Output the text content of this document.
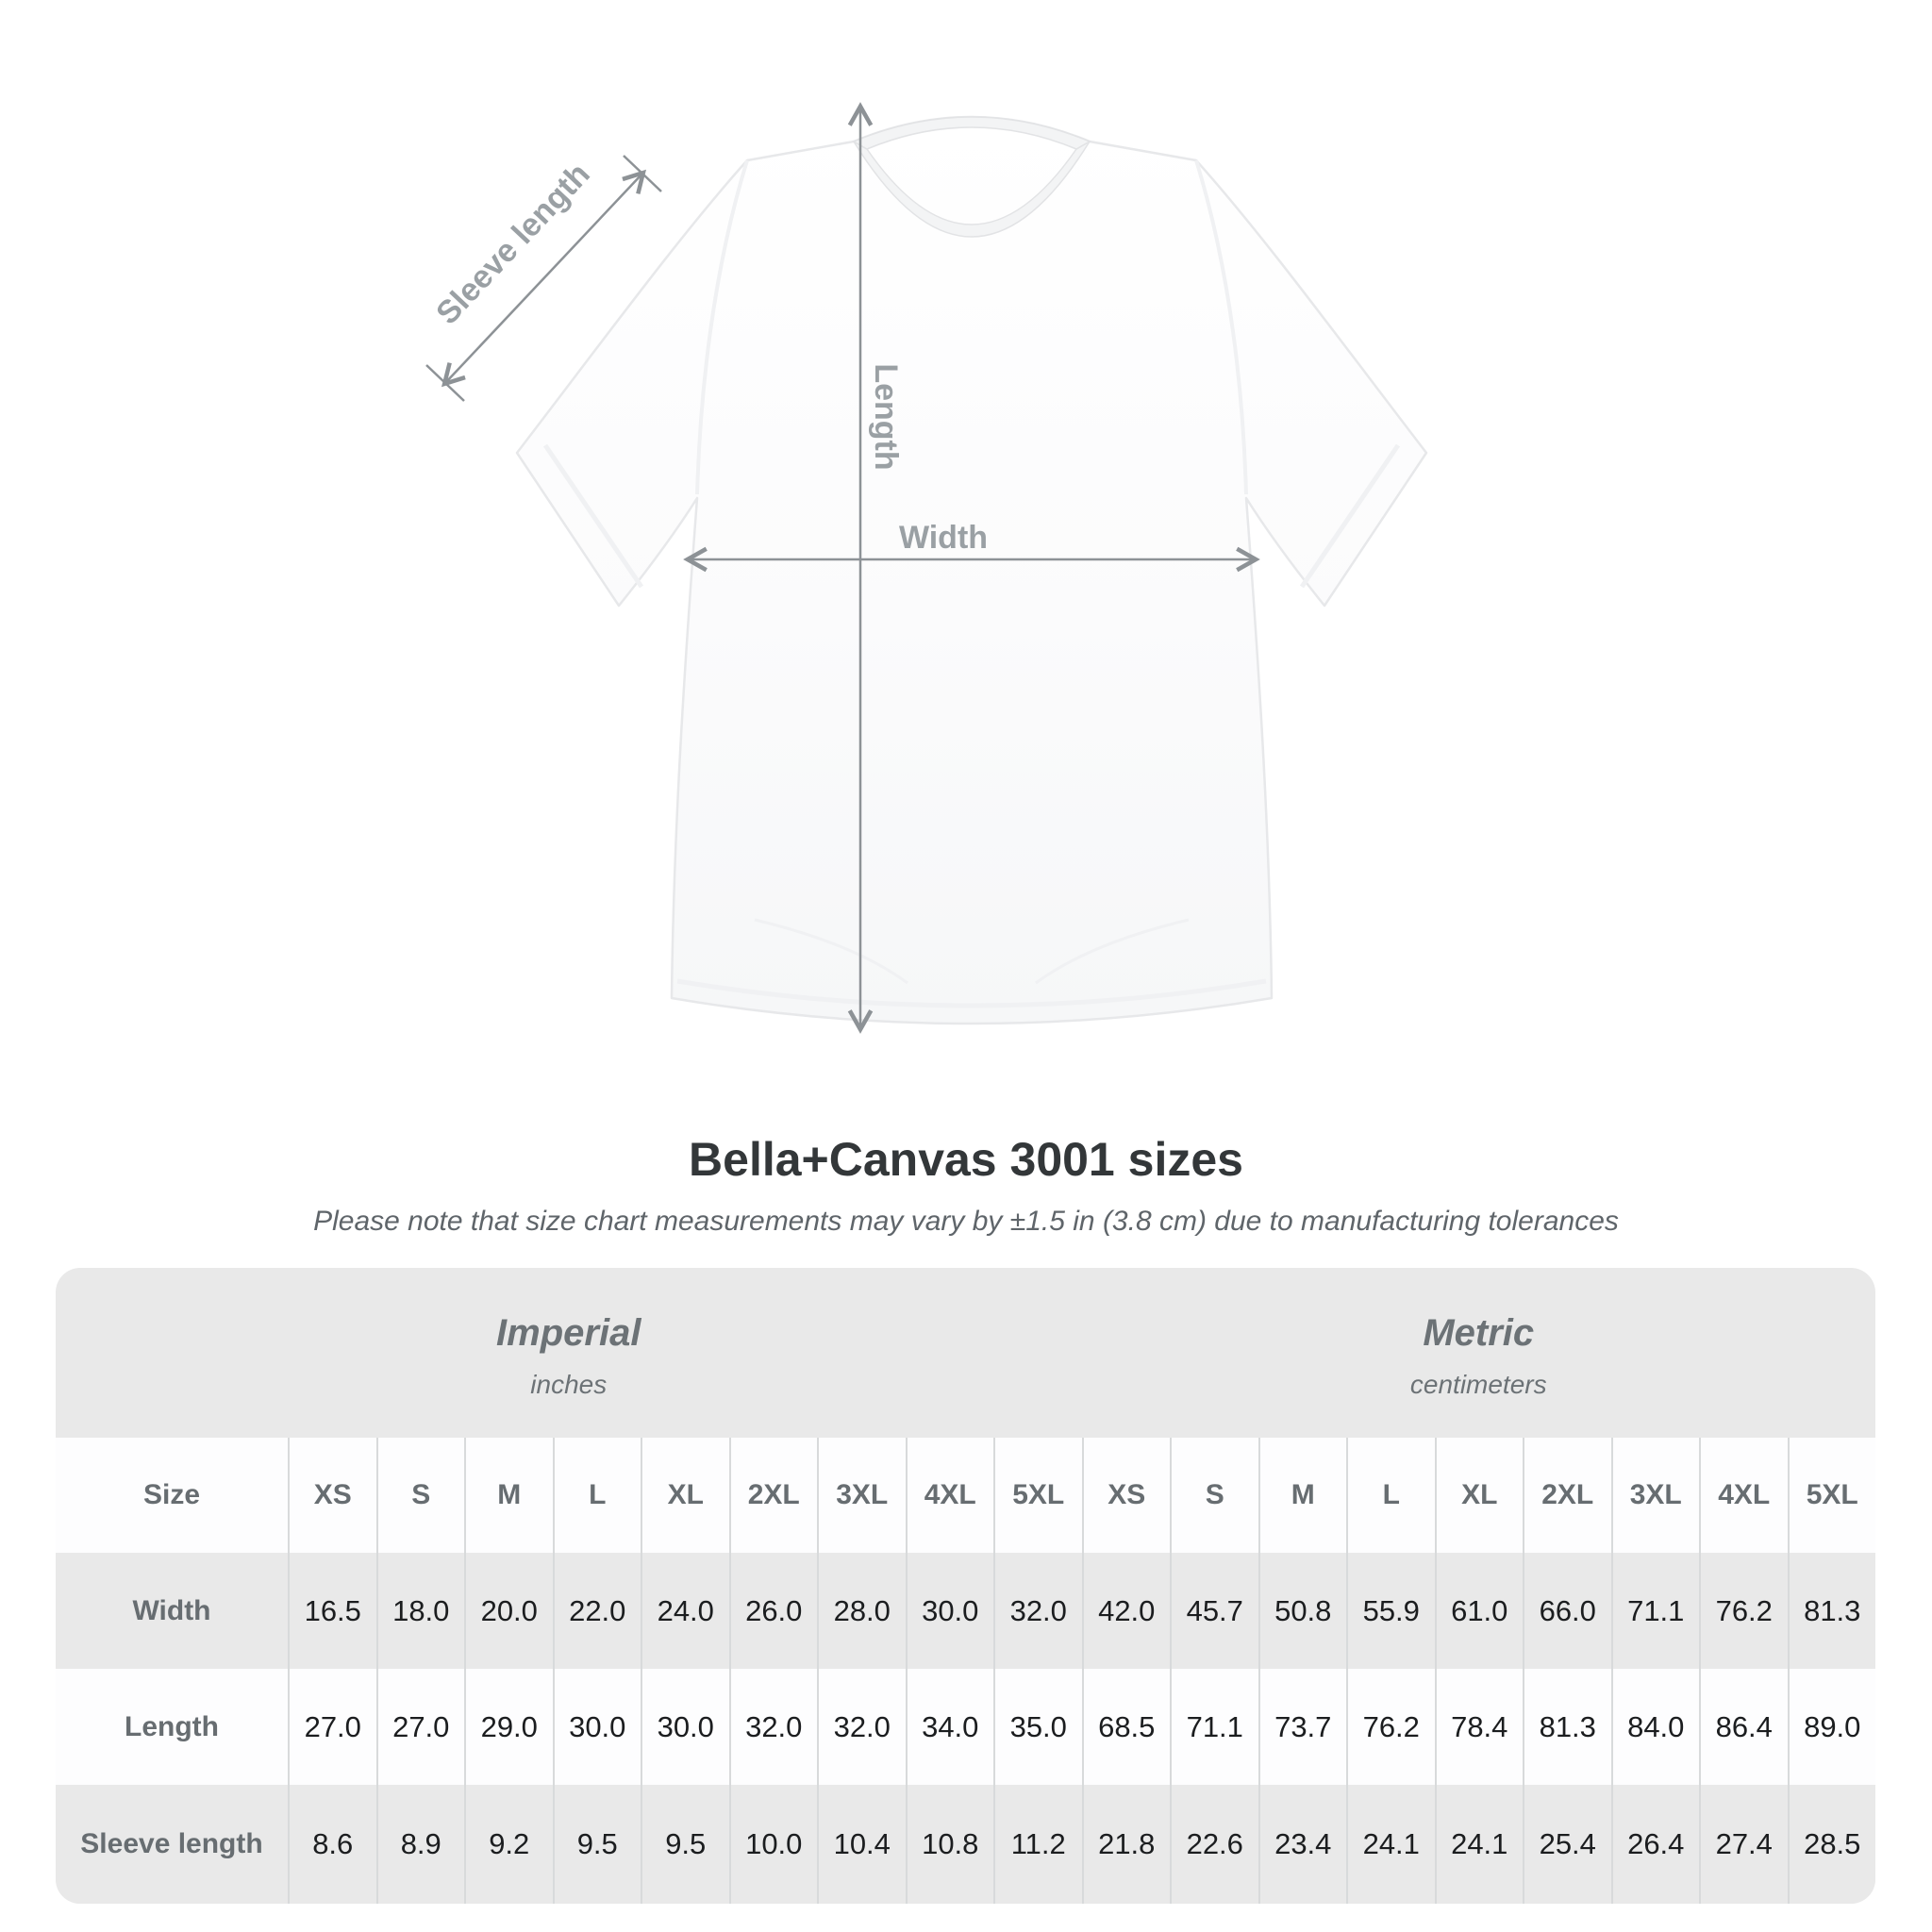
Width
Length
Sleeve length
Bella+Canvas 3001 sizes
Please note that size chart measurements may vary by ±1.5 in (3.8 cm) due to manufacturing tolerances
Imperial
inches
Metric
centimeters
Size	XS	S	M	L	XL	2XL	3XL	4XL	5XL	XS	S	M	L	XL	2XL	3XL	4XL	5XL
Width	16.5	18.0	20.0	22.0	24.0	26.0	28.0	30.0	32.0	42.0	45.7	50.8	55.9	61.0	66.0	71.1	76.2	81.3
Length	27.0	27.0	29.0	30.0	30.0	32.0	32.0	34.0	35.0	68.5	71.1	73.7	76.2	78.4	81.3	84.0	86.4	89.0
Sleeve length	8.6	8.9	9.2	9.5	9.5	10.0	10.4	10.8	11.2	21.8	22.6	23.4	24.1	24.1	25.4	26.4	27.4	28.5
